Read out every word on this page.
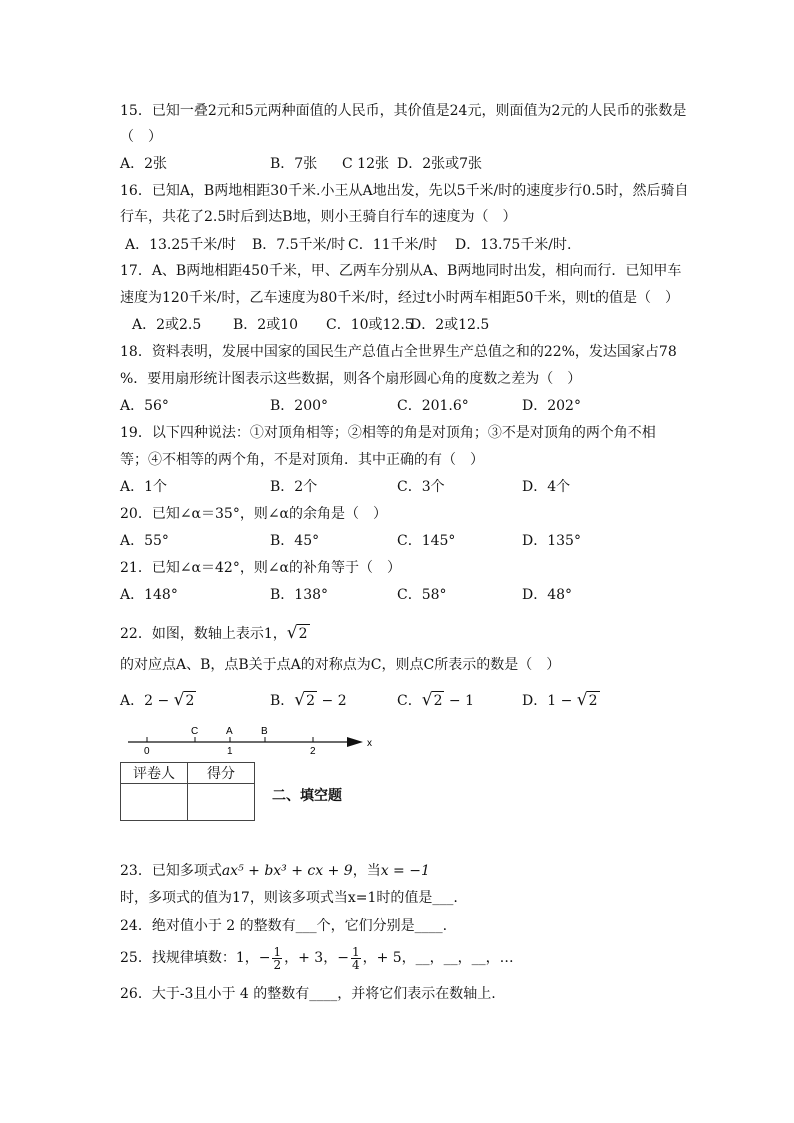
15．已知一叠2元和5元两种面值的人民币，其价值是24元，则面值为2元的人民币的张数是
（　）
A．2张	B．7张 C 12张 D．2张或7张
16．已知A，B两地相距30千米.小王从A地出发，先以5千米/时的速度步行0.5时，然后骑自
行车，共花了2.5时后到达B地，则小王骑自行车的速度为（　）
A．13.25千米/时 B．7.5千米/时 C．11千米/时 D．13.75千米/时.
17．A、B两地相距450千米，甲、乙两车分别从A、B两地同时出发，相向而行．已知甲车
速度为120千米/时，乙车速度为80千米/时，经过t小时两车相距50千米，则t的值是（　）
A．2或2.5 B．2或10 C．10或12.5
D．2或12.5
18．资料表明，发展中国家的国民生产总值占全世界生产总值之和的22%，发达国家占78
%．要用扇形统计图表示这些数据，则各个扇形圆心角的度数之差为（　）
A．56°	B．200°	C．201.6°	D．202°
19．以下四种说法：①对顶角相等；②相等的角是对顶角；③不是对顶角的两个角不相
等；④不相等的两个角，不是对顶角．其中正确的有（　）
A．1个	B．2个	C．3个	D．4个
20．已知∠α＝35°，则∠α的余角是（　）
A．55°	B．45°	C．145°	D．135°
21．已知∠α＝42°，则∠α的补角等于（　）
A．148°	B．138°	C．58°	D．48°
22．如图，数轴上表示1，√2
的对应点A、B，点B关于点A的对称点为C，则点C所表示的数是（　）
A．2 − √2	B．√2 − 2	C．√2 − 1	D．1 − √2
0	1	2
C	A	B
x
评卷人	得分

二、填空题
23．已知多项式ax⁵ + bx³ + cx + 9，当x = −1
时，多项式的值为17，则该多项式当x=1时的值是___.
24．绝对值小于 2 的整数有___个，它们分别是____.
25．找规律填数：1，− $\frac{1}{2}$ ，+ 3，− $\frac{1}{4}$ ，+ 5，__，__，__，…
26．大于-3且小于 4 的整数有____，并将它们表示在数轴上.
